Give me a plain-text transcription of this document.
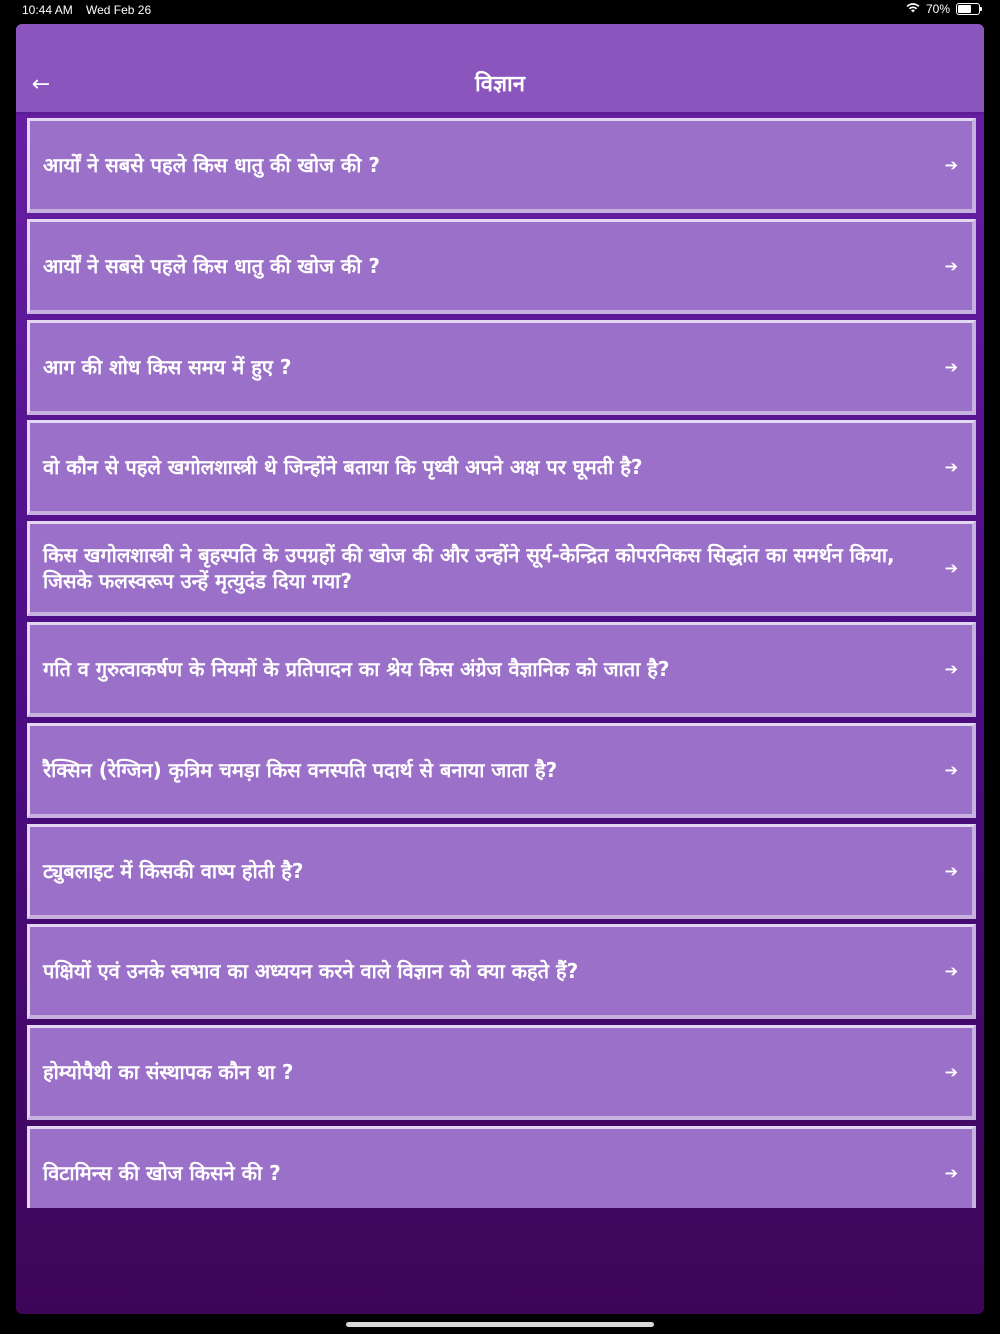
10:44 AM Wed Feb 26	70%
←	विज्ञान
आर्यों ने सबसे पहले किस धातु की खोज की ?	➔
आर्यों ने सबसे पहले किस धातु की खोज की ?	➔
आग की शोध किस समय में हुए ?	➔
वो कौन से पहले खगोलशास्त्री थे जिन्होंने बताया कि पृथ्वी अपने अक्ष पर घूमती है?	➔
किस खगोलशास्त्री ने बृहस्पति के उपग्रहों की खोज की और उन्होंने सूर्य-केन्द्रित कोपरनिकस सिद्धांत का समर्थन किया, जिसके फलस्वरूप उन्हें मृत्युदंड दिया गया?
➔
गति व गुरुत्वाकर्षण के नियमों के प्रतिपादन का श्रेय किस अंग्रेज वैज्ञानिक को जाता है?	➔
रैक्सिन (रेग्जिन) कृत्रिम चमड़ा किस वनस्पति पदार्थ से बनाया जाता है?	➔
ट्युबलाइट में किसकी वाष्प होती है?	➔
पक्षियों एवं उनके स्वभाव का अध्ययन करने वाले विज्ञान को क्या कहते हैं?	➔
होम्योपैथी का संस्थापक कौन था ?	➔
विटामिन्स की खोज किसने की ?	➔
